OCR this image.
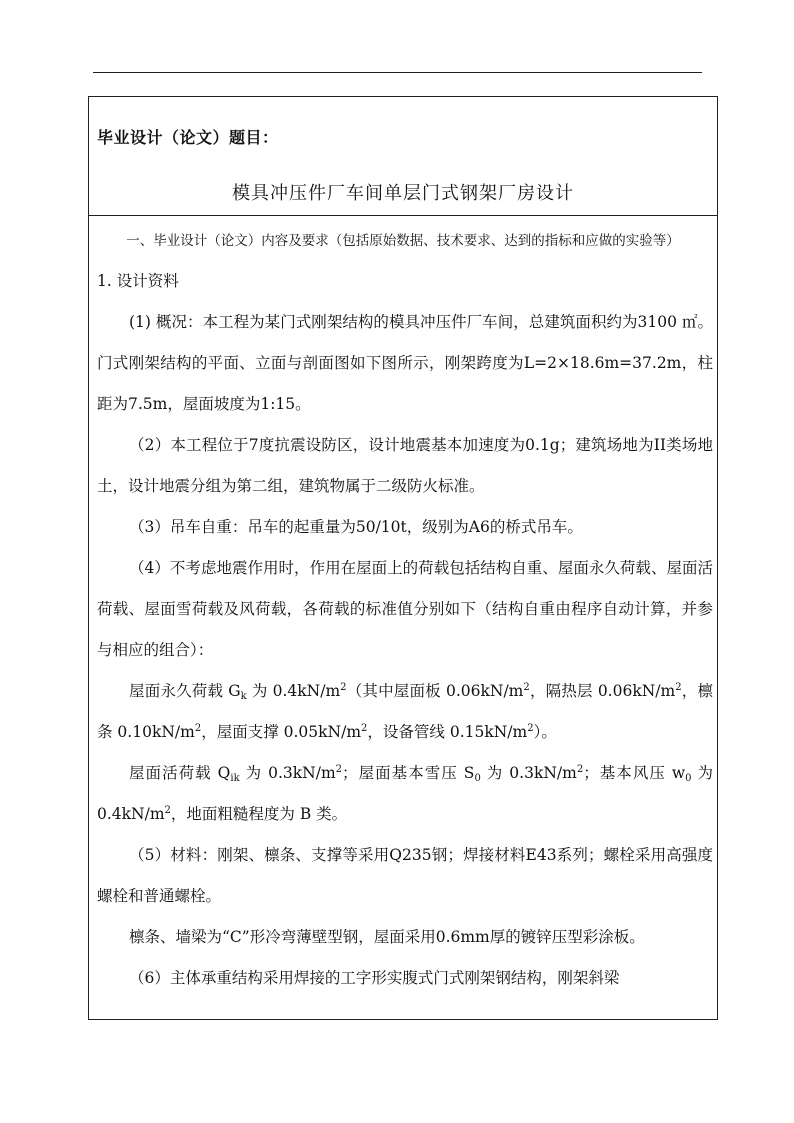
毕业设计（论文）题目：
模具冲压件厂车间单层门式钢架厂房设计
一、毕业设计（论文）内容及要求（包括原始数据、技术要求、达到的指标和应做的实验等）

1. 设计资料

(1) 概况：本工程为某门式刚架结构的模具冲压件厂车间，总建筑面积约为3100 ㎡。门式刚架结构的平面、立面与剖面图如下图所示，刚架跨度为L=2×18.6m=37.2m，柱距为7.5m，屋面坡度为1:15。

（2）本工程位于7度抗震设防区，设计地震基本加速度为0.1g；建筑场地为II类场地土，设计地震分组为第二组，建筑物属于二级防火标准。

（3）吊车自重：吊车的起重量为50/10t，级别为A6的桥式吊车。

（4）不考虑地震作用时，作用在屋面上的荷载包括结构自重、屋面永久荷载、屋面活荷载、屋面雪荷载及风荷载，各荷载的标准值分别如下（结构自重由程序自动计算，并参与相应的组合）：

屋面永久荷载 $G_k$ 为 $0.4kN/m^2$（其中屋面板 $0.06kN/m^2$，隔热层 $0.06kN/m^2$，檩条 $0.10kN/m^2$，屋面支撑 $0.05kN/m^2$，设备管线 $0.15kN/m^2$）。

屋面活荷载 $Q_{ik}$ 为 $0.3kN/m^2$；屋面基本雪压 $S_0$ 为 $0.3kN/m^2$；基本风压 $w_0$ 为 $0.4kN/m^2$，地面粗糙程度为 B 类。

（5）材料：刚架、檩条、支撑等采用Q235钢；焊接材料E43系列；螺栓采用高强度螺栓和普通螺栓。

檩条、墙梁为“C”形冷弯薄壁型钢，屋面采用0.6mm厚的镀锌压型彩涂板。

（6）主体承重结构采用焊接的工字形实腹式门式刚架钢结构，刚架斜梁
